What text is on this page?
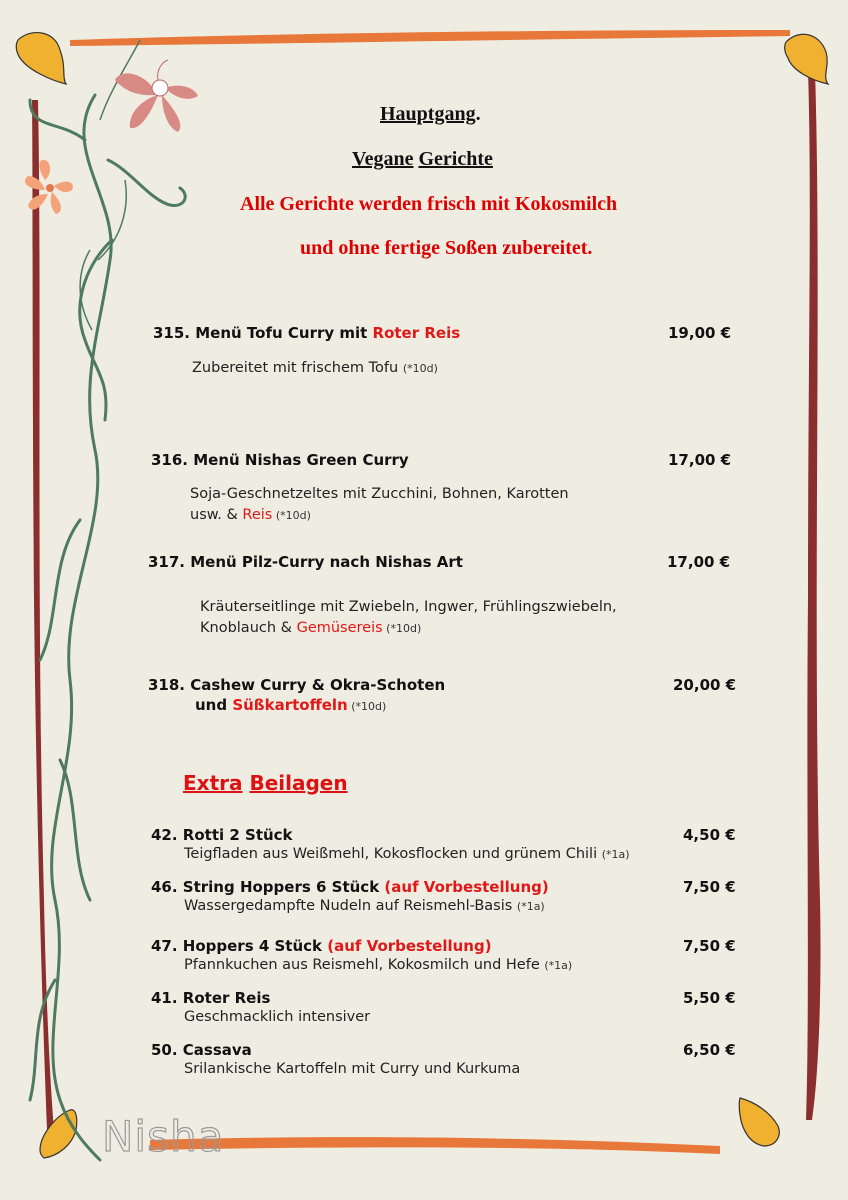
Hauptgang.
Vegane Gerichte
Alle Gerichte werden frisch mit Kokosmilch
und ohne fertige Soßen zubereitet.
315. Menü Tofu Curry mit Roter Reis	19,00 €
Zubereitet mit frischem Tofu (*10d)
316. Menü Nishas Green Curry	17,00 €
Soja-Geschnetzeltes mit Zucchini, Bohnen, Karotten
usw. & Reis (*10d)
317. Menü Pilz-Curry nach Nishas Art	17,00 €
Kräuterseitlinge mit Zwiebeln, Ingwer, Frühlingszwiebeln,
Knoblauch & Gemüsereis (*10d)
318. Cashew Curry & Okra-Schoten	20,00 €
und Süßkartoffeln (*10d)
Extra Beilagen
42. Rotti 2 Stück	4,50 €
Teigfladen aus Weißmehl, Kokosflocken und grünem Chili (*1a)
46. String Hoppers 6 Stück (auf Vorbestellung)	7,50 €
Wassergedampfte Nudeln auf Reismehl-Basis (*1a)
47. Hoppers 4 Stück (auf Vorbestellung)	7,50 €
Pfannkuchen aus Reismehl, Kokosmilch und Hefe (*1a)
41. Roter Reis	5,50 €
Geschmacklich intensiver
50. Cassava	6,50 €
Srilankische Kartoffeln mit Curry und Kurkuma
Nisha
